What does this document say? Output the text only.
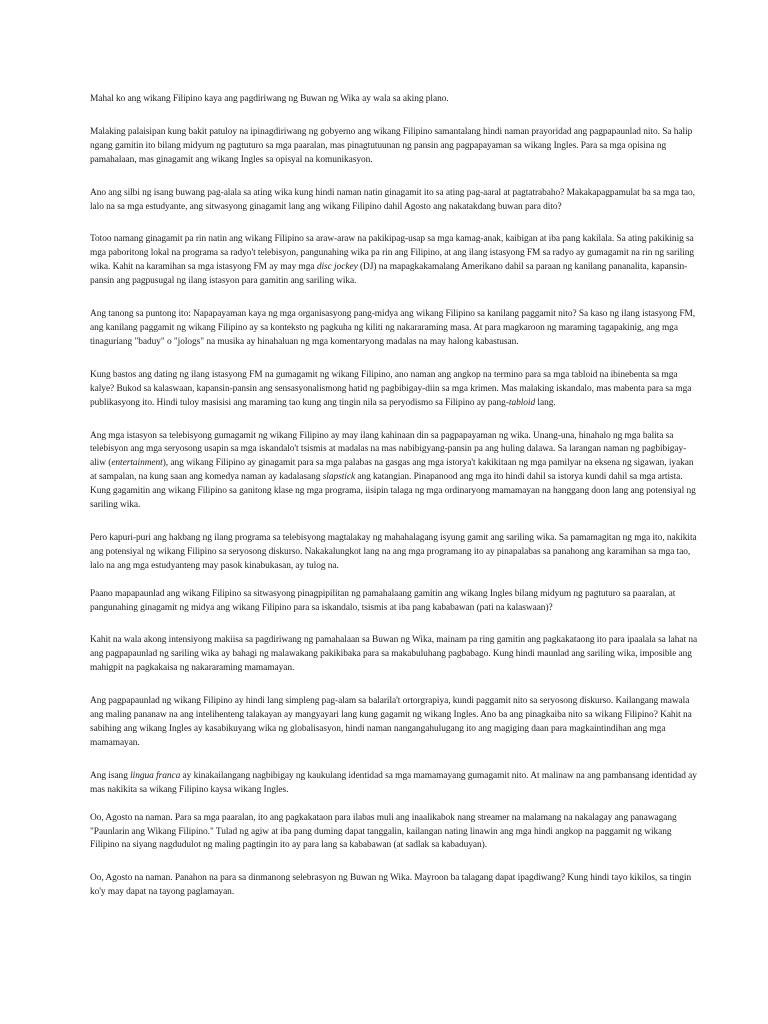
Mahal ko ang wikang Filipino kaya ang pagdiriwang ng Buwan ng Wika ay wala sa aking plano.

Malaking palaisipan kung bakit patuloy na ipinagdiriwang ng gobyerno ang wikang Filipino samantalang hindi naman prayoridad ang pagpapaunlad nito. Sa halip ngang gamitin ito bilang midyum ng pagtuturo sa mga paaralan, mas pinagtutuunan ng pansin ang pagpapayaman sa wikang Ingles. Para sa mga opisina ng pamahalaan, mas ginagamit ang wikang Ingles sa opisyal na komunikasyon.

Ano ang silbi ng isang buwang pag-alala sa ating wika kung hindi naman natin ginagamit ito sa ating pag-aaral at pagtatrabaho? Makakapagpamulat ba sa mga tao, lalo na sa mga estudyante, ang sitwasyong ginagamit lang ang wikang Filipino dahil Agosto ang nakatakdang buwan para dito?

Totoo namang ginagamit pa rin natin ang wikang Filipino sa araw-araw na pakikipag-usap sa mga kamag-anak, kaibigan at iba pang kakilala. Sa ating pakikinig sa mga paboritong lokal na programa sa radyo't telebisyon, pangunahing wika pa rin ang Filipino, at ang ilang istasyong FM sa radyo ay gumagamit na rin ng sariling wika. Kahit na karamihan sa mga istasyong FM ay may mga disc jockey (DJ) na mapagkakamalang Amerikano dahil sa paraan ng kanilang pananalita, kapansin-pansin ang pagpusugal ng ilang istasyon para gamitin ang sariling wika.

Ang tanong sa puntong ito: Napapayaman kaya ng mga organisasyong pang-midya ang wikang Filipino sa kanilang paggamit nito? Sa kaso ng ilang istasyong FM, ang kanilang paggamit ng wikang Filipino ay sa konteksto ng pagkuha ng kiliti ng nakararaming masa. At para magkaroon ng maraming tagapakinig, ang mga tinaguriang "baduy" o "jologs" na musika ay hinahaluan ng mga komentaryong madalas na may halong kabastusan.

Kung bastos ang dating ng ilang istasyong FM na gumagamit ng wikang Filipino, ano naman ang angkop na termino para sa mga tabloid na ibinebenta sa mga kalye? Bukod sa kalaswaan, kapansin-pansin ang sensasyonalismong hatid ng pagbibigay-diin sa mga krimen. Mas malaking iskandalo, mas mabenta para sa mga publikasyong ito. Hindi tuloy masisisi ang maraming tao kung ang tingin nila sa peryodismo sa Filipino ay pang-tabloid lang.

Ang mga istasyon sa telebisyong gumagamit ng wikang Filipino ay may ilang kahinaan din sa pagpapayaman ng wika. Unang-una, hinahalo ng mga balita sa telebisyon ang mga seryosong usapin sa mga iskandalo't tsismis at madalas na mas nabibigyang-pansin pa ang huling dalawa. Sa larangan naman ng pagbibigay-aliw (entertainment), ang wikang Filipino ay ginagamit para sa mga palabas na gasgas ang mga istorya't kakikitaan ng mga pamilyar na eksena ng sigawan, iyakan at sampalan, na kung saan ang komedya naman ay kadalasang slapstick ang katangian. Pinapanood ang mga ito hindi dahil sa istorya kundi dahil sa mga artista. Kung gagamitin ang wikang Filipino sa ganitong klase ng mga programa, iisipin talaga ng mga ordinaryong mamamayan na hanggang doon lang ang potensiyal ng sariling wika.

Pero kapuri-puri ang hakbang ng ilang programa sa telebisyong magtalakay ng mahahalagang isyung gamit ang sariling wika. Sa pamamagitan ng mga ito, nakikita ang potensiyal ng wikang Filipino sa seryosong diskurso. Nakakalungkot lang na ang mga programang ito ay pinapalabas sa panahong ang karamihan sa mga tao, lalo na ang mga estudyanteng may pasok kinabukasan, ay tulog na.

Paano mapapaunlad ang wikang Filipino sa sitwasyong pinagpipilitan ng pamahalaang gamitin ang wikang Ingles bilang midyum ng pagtuturo sa paaralan, at pangunahing ginagamit ng midya ang wikang Filipino para sa iskandalo, tsismis at iba pang kababawan (pati na kalaswaan)?

Kahit na wala akong intensiyong makiisa sa pagdiriwang ng pamahalaan sa Buwan ng Wika, mainam pa ring gamitin ang pagkakataong ito para ipaalala sa lahat na ang pagpapaunlad ng sariling wika ay bahagi ng malawakang pakikibaka para sa makabuluhang pagbabago. Kung hindi maunlad ang sariling wika, imposible ang mahigpit na pagkakaisa ng nakararaming mamamayan.

Ang pagpapaunlad ng wikang Filipino ay hindi lang simpleng pag-alam sa balarila't ortorgrapiya, kundi paggamit nito sa seryosong diskurso. Kailangang mawala ang maling pananaw na ang intelihenteng talakayan ay mangyayari lang kung gagamit ng wikang Ingles. Ano ba ang pinagkaiba nito sa wikang Filipino? Kahit na sabihing ang wikang Ingles ay kasabikuyang wika ng globalisasyon, hindi naman nangangahulugang ito ang magiging daan para magkaintindihan ang mga mamamayan.

Ang isang lingua franca ay kinakailangang nagbibigay ng kaukulang identidad sa mga mamamayang gumagamit nito. At malinaw na ang pambansang identidad ay mas nakikita sa wikang Filipino kaysa wikang Ingles.

Oo, Agosto na naman. Para sa mga paaralan, ito ang pagkakataon para ilabas muli ang inaalikabok nang streamer na malamang na nakalagay ang panawagang "Paunlarin ang Wikang Filipino." Tulad ng agiw at iba pang duming dapat tanggalin, kailangan nating linawin ang mga hindi angkop na paggamit ng wikang Filipino na siyang nagdudulot ng maling pagtingin ito ay para lang sa kababawan (at sadlak sa kabaduyan).

Oo, Agosto na naman. Panahon na para sa dinmanong selebrasyon ng Buwan ng Wika. Mayroon ba talagang dapat ipagdiwang? Kung hindi tayo kikilos, sa tingin ko'y may dapat na tayong paglamayan.
